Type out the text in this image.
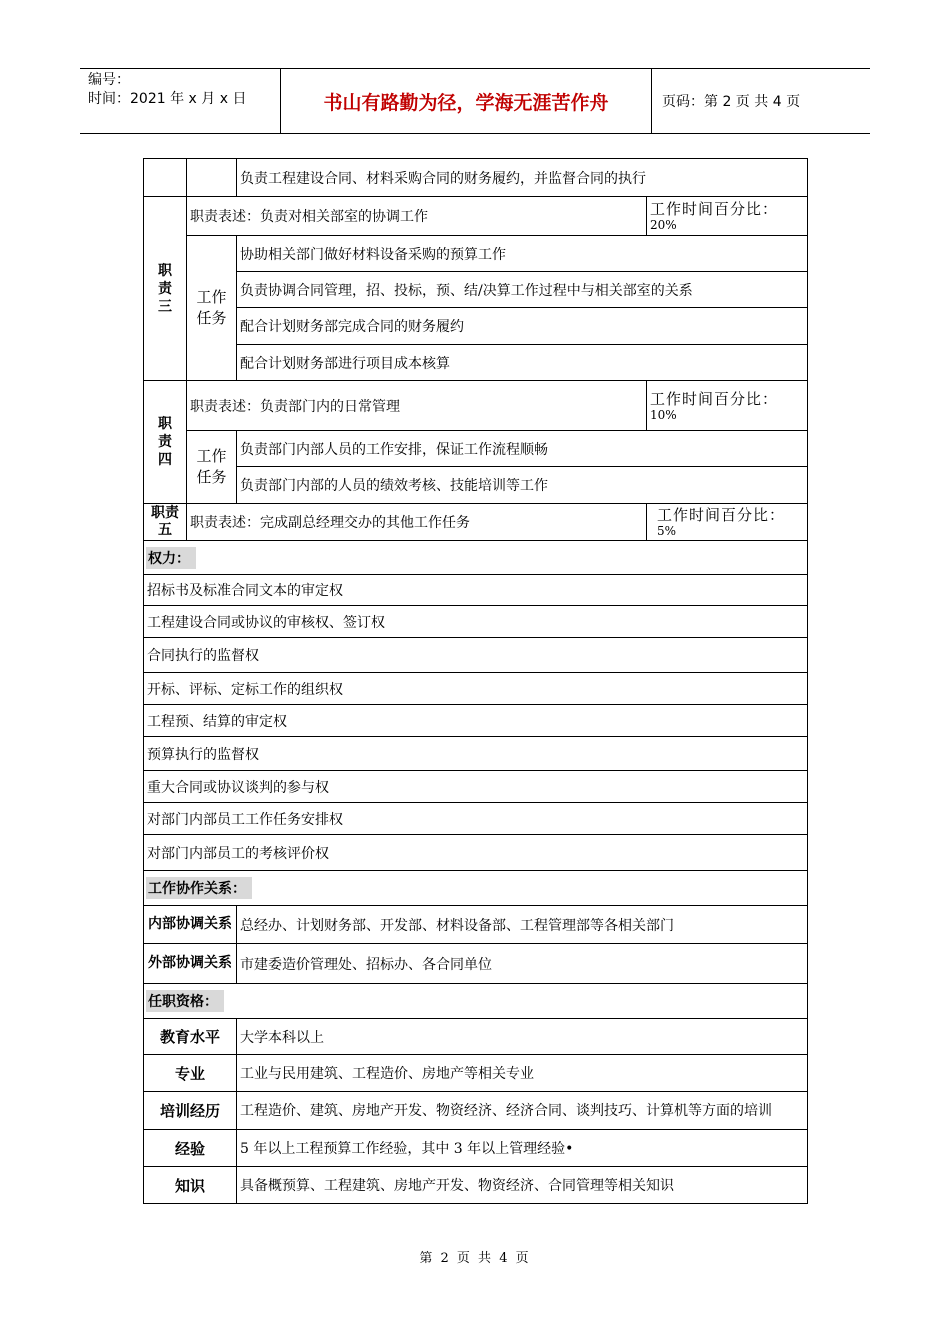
编号：
时间：2021 年 x 月 x 日	书山有路勤为径，学海无涯苦作舟	页码：第 2 页 共 4 页
		负责工程建设合同、材料采购合同的财务履约，并监督合同的执行	
职责三	职责表述：负责对相关部室的协调工作		工作时间百分比：
20%

	工作任务	协助相关部门做好材料设备采购的预算工作	
		负责协调合同管理，招、投标，预、结/决算工作过程中与相关部室的关系	
		配合计划财务部完成合同的财务履约	
		配合计划财务部进行项目成本核算	
职责四	职责表述：负责部门内的日常管理		工作时间百分比：
10%

	工作任务	负责部门内部人员的工作安排，保证工作流程顺畅	
		负责部门内部的人员的绩效考核、技能培训等工作	
职责五	职责表述：完成副总经理交办的其他工作任务		工作时间百分比：
5%

权力：			
招标书及标准合同文本的审定权			
工程建设合同或协议的审核权、签订权			
合同执行的监督权			
开标、评标、定标工作的组织权			
工程预、结算的审定权			
预算执行的监督权			
重大合同或协议谈判的参与权			
对部门内部员工工作任务安排权			
对部门内部员工的考核评价权			
工作协作关系：			
内部协调关系		总经办、计划财务部、开发部、材料设备部、工程管理部等各相关部门	
外部协调关系		市建委造价管理处、招标办、各合同单位	
任职资格：			
教育水平		大学本科以上	
专业		工业与民用建筑、工程造价、房地产等相关专业	
培训经历		工程造价、建筑、房地产开发、物资经济、经济合同、谈判技巧、计算机等方面的培训	
经验		5 年以上工程预算工作经验，其中 3 年以上管理经验•	
知识		具备概预算、工程建筑、房地产开发、物资经济、合同管理等相关知识	
第 2 页 共 4 页
